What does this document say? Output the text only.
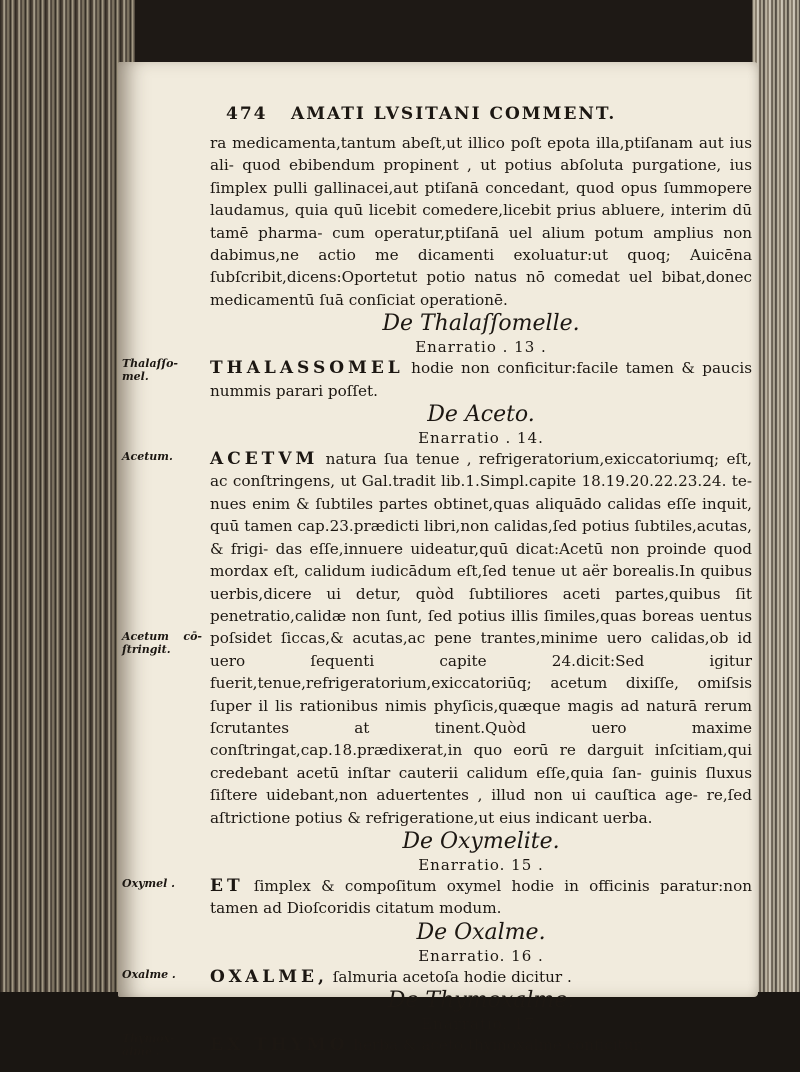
474 AMATI LVSITANI COMMENT.

ra medicamenta,tantum abeſt,ut illico poſt epota illa,ptiſanam aut ius ali- quod ebibendum propinent , ut potius abſoluta purgatione, ius ſimplex pulli gallinacei,aut ptiſanā concedant, quod opus ſummopere laudamus, quia quū licebit comedere,licebit prius abluere, interim dū tamē pharma- cum operatur,ptiſanā uel alium potum amplius non dabimus,ne actio me dicamenti exoluatur:ut quoq; Auicēna ſubſcribit,dicens:Oportetut potio natus nō comedat uel bibat,donec medicamentū ſuā conſiciat operationē.

De Thalaſſomelle.

Enarratio . 13 .

Thalaſſo- mel.	THALASSOMEL hodie non conficitur:facile tamen & paucis nummis parari poſſet.

De Aceto.

Enarratio . 14.

Acetum.
Acetum cō- ſtringit.

ACETVM natura ſua tenue , refrigeratorium,exiccatoriumq; eſt, ac conſtringens, ut Gal.tradit lib.1.Simpl.capite 18.19.20.22.23.24. te- nues enim & ſubtiles partes obtinet,quas aliquādo calidas eſſe inquit, quū tamen cap.23.prædicti libri,non calidas,ſed potius ſubtiles,acutas, & frigi- das eſſe,innuere uideatur,quū dicat:Acetū non proinde quod mordax eſt, calidum iudicādum eſt,ſed tenue ut aër borealis.In quibus uerbis,dicere ui detur, quòd ſubtiliores aceti partes,quibus ſit penetratio,calidæ non ſunt, ſed potius illis ſimiles,quas boreas uentus poſsidet ſiccas,& acutas,ac pene trantes,minime uero calidas,ob id uero ſequenti capite 24.dicit:Sed igitur fuerit,tenue,refrigeratorium,exiccatoriūq; acetum dixiſſe, omiſsis ſuper il lis rationibus nimis phyſicis,quæque magis ad naturā rerum ſcrutantes at tinent.Quòd uero maxime conſtringat,cap.18.prædixerat,in quo eorū re darguit inſcitiam,qui credebant acetū inſtar cauterii calidum eſſe,quia ſan- guinis ſluxus ſiſtere uidebant,non aduertentes , illud non ui cauſtica age- re,ſed aſtrictione potius & refrigeratione,ut eius indicant uerba.

De Oxymelite.

Enarratio. 15 .

Oxymel .	ET ſimplex & compoſitum oxymel hodie in officinis paratur:non tamen ad Dioſcoridis citatum modum.

De Oxalme.

Enarratio. 16 .

Oxalme .	OXALME, ſalmuria acetoſa hodie dicitur .

De Thymoxalme.

Enarratio. 17.

Thymox- alme .	EX THYMO herba & aceto,thymoxalme conficitur.
